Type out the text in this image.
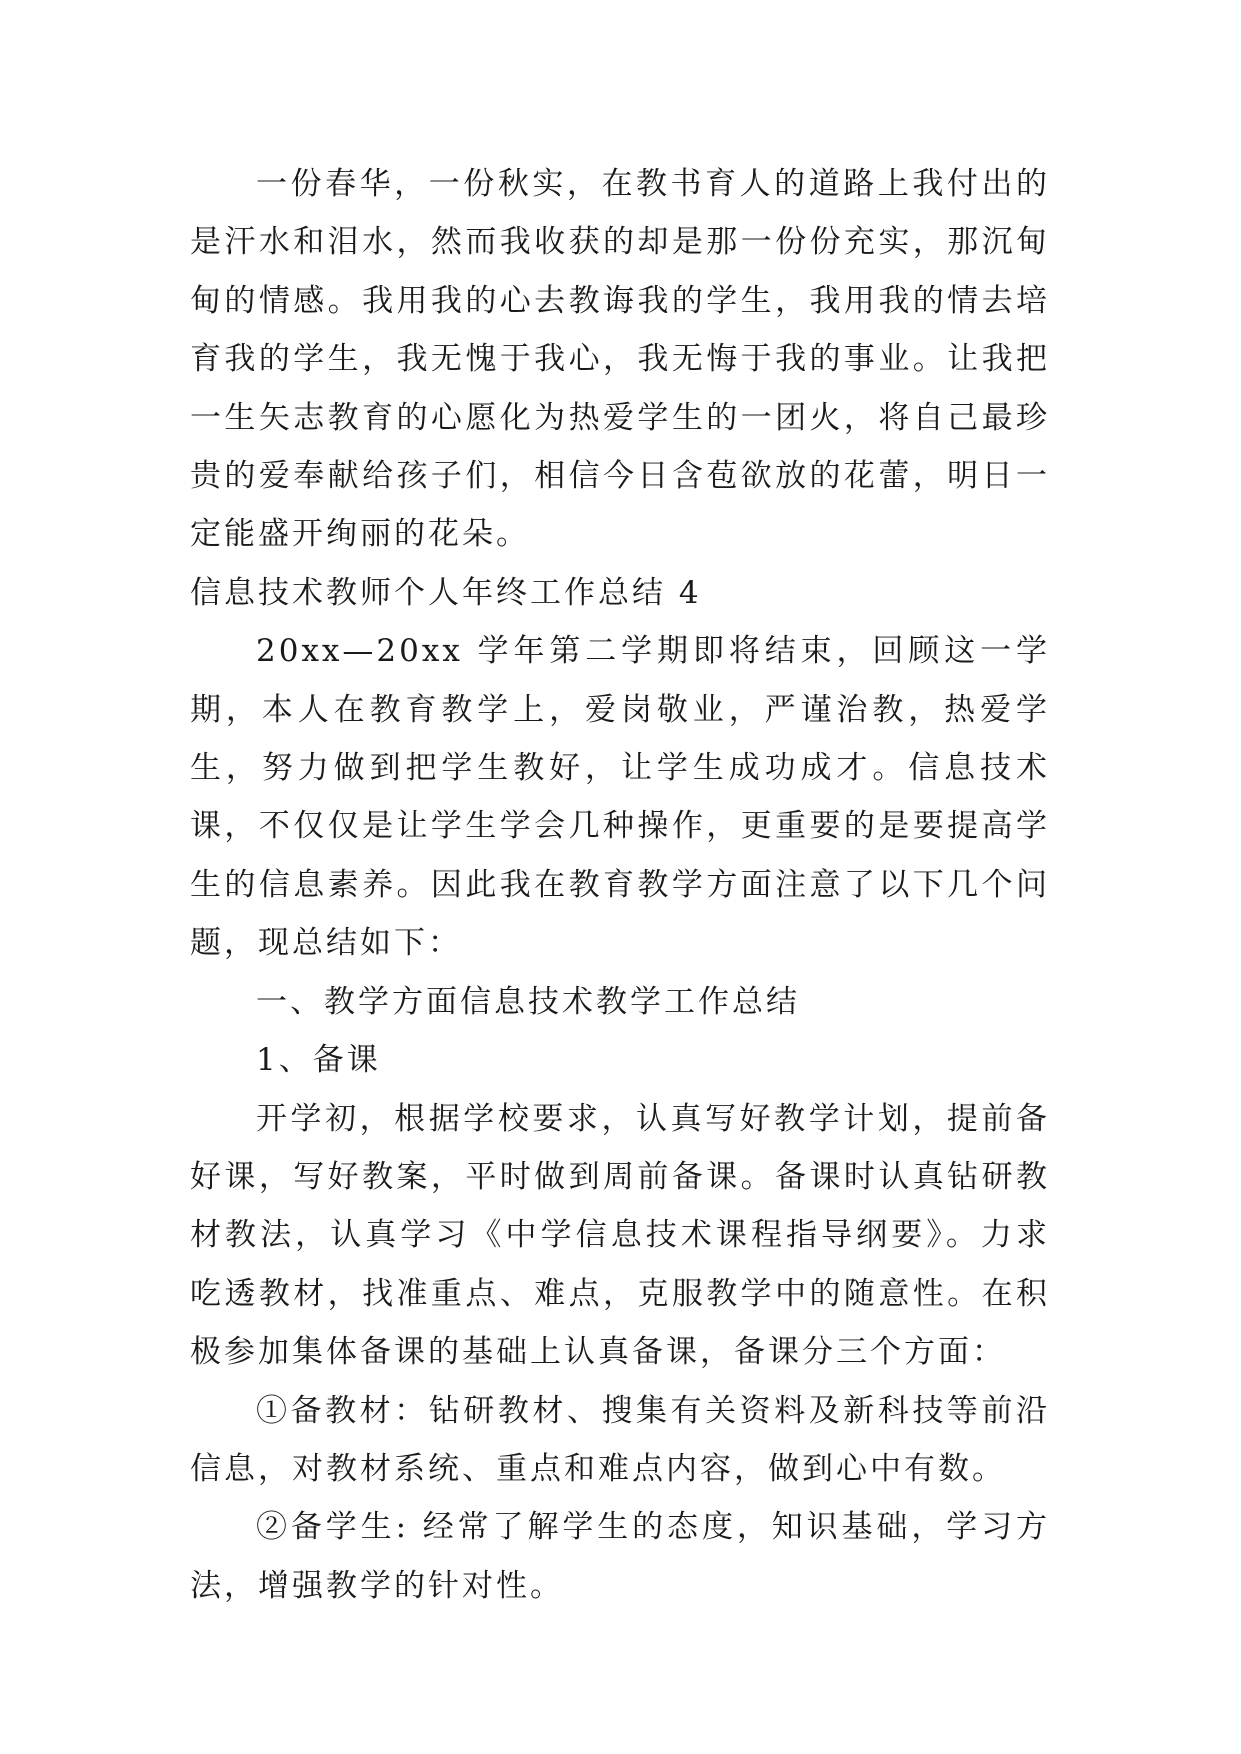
一份春华，一份秋实，在教书育人的道路上我付出的是汗水和泪水，然而我收获的却是那一份份充实，那沉甸甸的情感。我用我的心去教诲我的学生，我用我的情去培育我的学生，我无愧于我心，我无悔于我的事业。让我把一生矢志教育的心愿化为热爱学生的一团火，将自己最珍贵的爱奉献给孩子们，相信今日含苞欲放的花蕾，明日一定能盛开绚丽的花朵。

信息技术教师个人年终工作总结 4

20xx—20xx 学年第二学期即将结束，回顾这一学期，本人在教育教学上，爱岗敬业，严谨治教，热爱学生，努力做到把学生教好，让学生成功成才。信息技术课，不仅仅是让学生学会几种操作，更重要的是要提高学生的信息素养。因此我在教育教学方面注意了以下几个问题，现总结如下：

一、教学方面信息技术教学工作总结

1、备课

开学初，根据学校要求，认真写好教学计划，提前备好课，写好教案，平时做到周前备课。备课时认真钻研教材教法，认真学习《中学信息技术课程指导纲要》。力求吃透教材，找准重点、难点，克服教学中的随意性。在积极参加集体备课的基础上认真备课，备课分三个方面：

①备教材：钻研教材、搜集有关资料及新科技等前沿信息，对教材系统、重点和难点内容，做到心中有数。

②备学生: 经常了解学生的态度，知识基础，学习方法，增强教学的针对性。
